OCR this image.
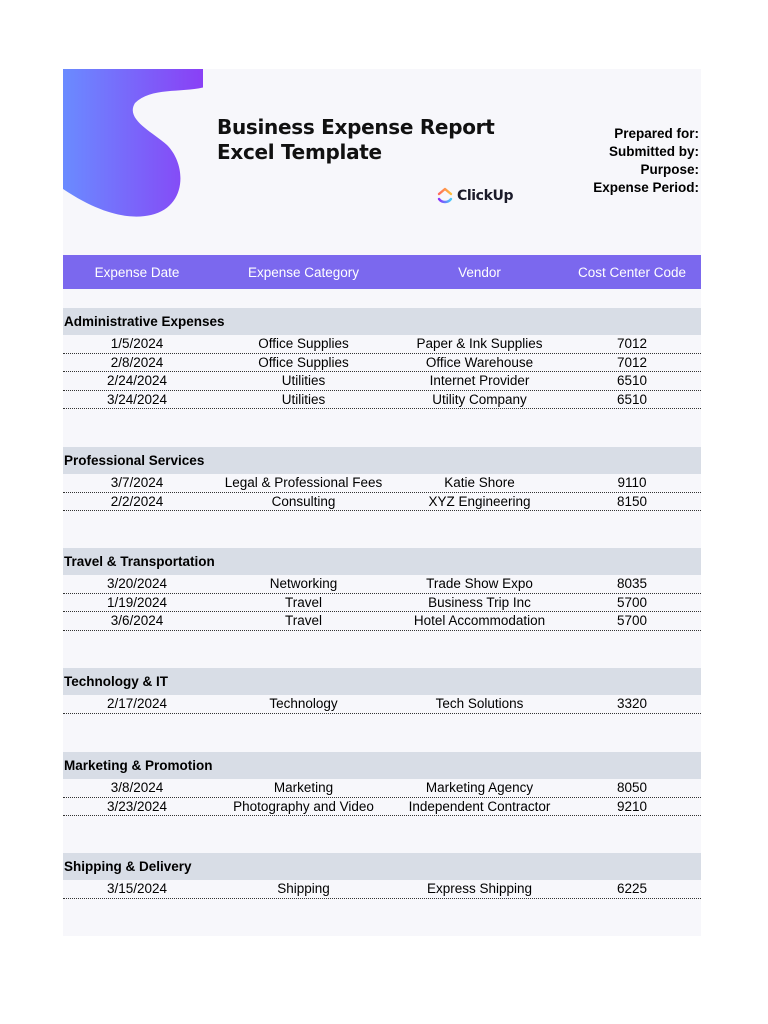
Business Expense Report
Excel Template
ClickUp
Prepared for:
Submitted by:
Purpose:
Expense Period:
Expense Date	Expense Category	Vendor	Cost Center Code
Administrative Expenses
1/5/2024	Office Supplies	Paper & Ink Supplies	7012
2/8/2024	Office Supplies	Office Warehouse	7012
2/24/2024	Utilities	Internet Provider	6510
3/24/2024	Utilities	Utility Company	6510
Professional Services
3/7/2024	Legal & Professional Fees	Katie Shore	9110
2/2/2024	Consulting	XYZ Engineering	8150
Travel & Transportation
3/20/2024	Networking	Trade Show Expo	8035
1/19/2024	Travel	Business Trip Inc	5700
3/6/2024	Travel	Hotel Accommodation	5700
Technology & IT
2/17/2024	Technology	Tech Solutions	3320
Marketing & Promotion
3/8/2024	Marketing	Marketing Agency	8050
3/23/2024	Photography and Video	Independent Contractor	9210
Shipping & Delivery
3/15/2024	Shipping	Express Shipping	6225
